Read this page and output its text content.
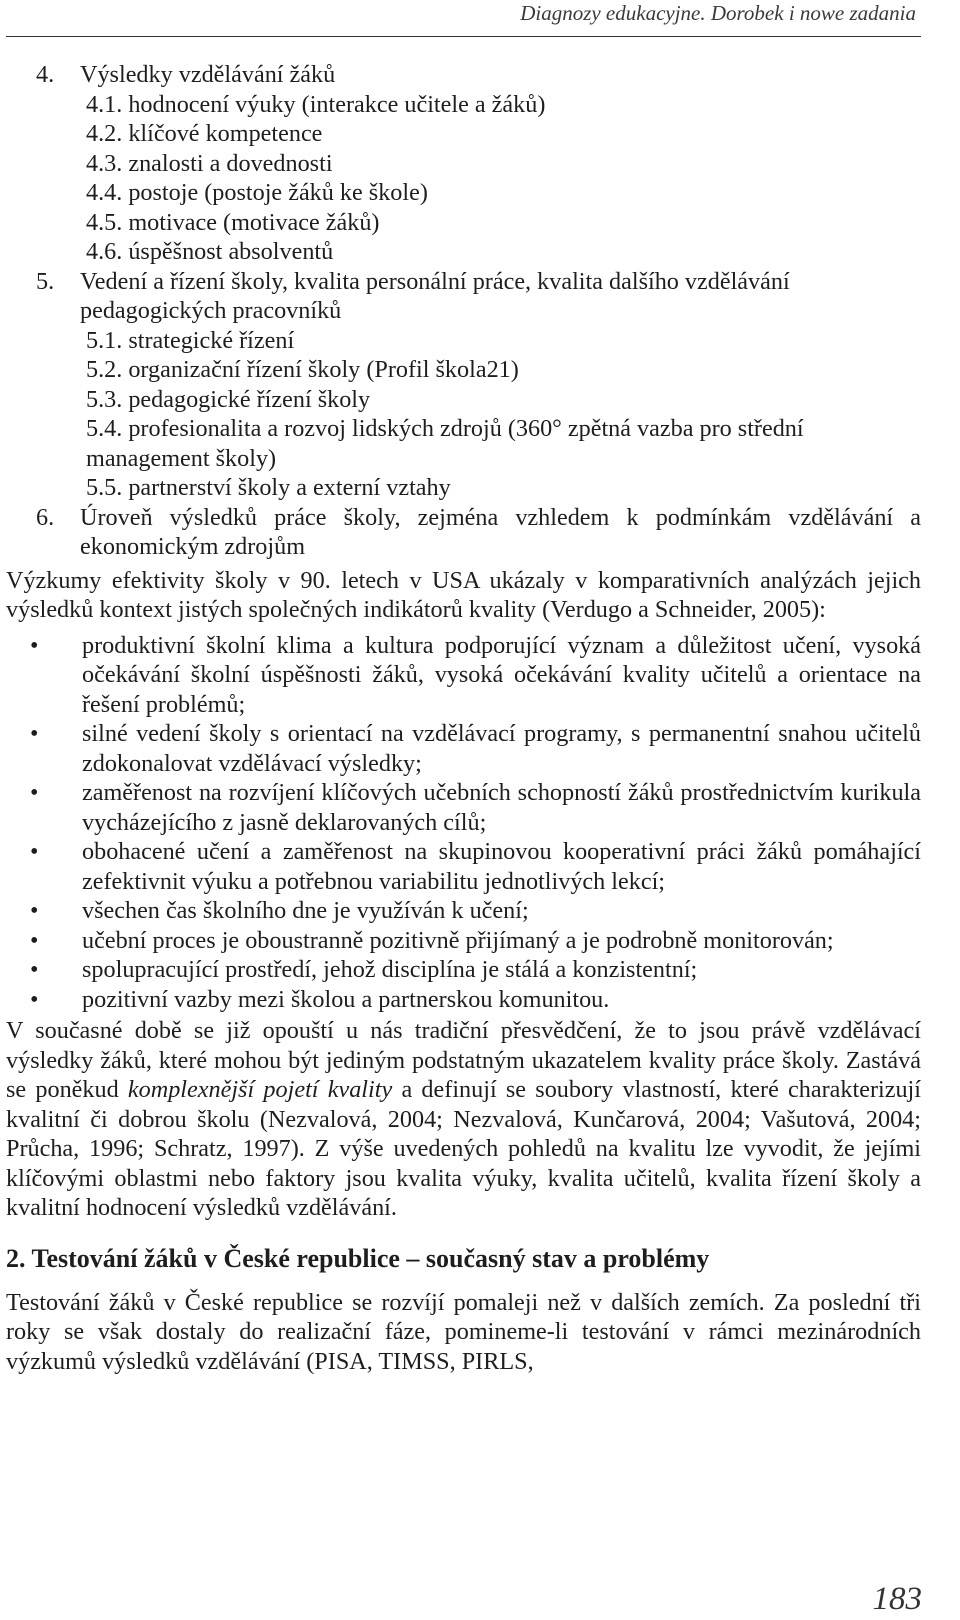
Diagnozy edukacyjne. Dorobek i nowe zadania
4.	Výsledky vzdělávání žáků
4.1. hodnocení výuky (interakce učitele a žáků)
4.2. klíčové kompetence
4.3. znalosti a dovednosti
4.4. postoje (postoje žáků ke škole)
4.5. motivace (motivace žáků)
4.6. úspěšnost absolventů
5.	Vedení a řízení školy, kvalita personální práce, kvalita dalšího vzdělávání pedagogických pracovníků
5.1. strategické řízení
5.2. organizační řízení školy (Profil škola21)
5.3. pedagogické řízení školy
5.4. profesionalita a rozvoj lidských zdrojů (360° zpětná vazba pro střední management školy)
5.5. partnerství školy a externí vztahy
6.	Úroveň výsledků práce školy, zejména vzhledem k podmínkám vzdělávání a ekonomickým zdrojům

Výzkumy efektivity školy v 90. letech v USA ukázaly v komparativních analýzách jejich výsledků kontext jistých společných indikátorů kvality (Verdugo a Schneider, 2005):

• produktivní školní klima a kultura podporující význam a důležitost učení, vysoká očekávání školní úspěšnosti žáků, vysoká očekávání kvality učitelů a orientace na řešení problémů;
• silné vedení školy s orientací na vzdělávací programy, s permanentní snahou učitelů zdokonalovat vzdělávací výsledky;
• zaměřenost na rozvíjení klíčových učebních schopností žáků prostřednictvím kurikula vycházejícího z jasně deklarovaných cílů;
• obohacené učení a zaměřenost na skupinovou kooperativní práci žáků pomáhající zefektivnit výuku a potřebnou variabilitu jednotlivých lekcí;
• všechen čas školního dne je využíván k učení;
• učební proces je oboustranně pozitivně přijímaný a je podrobně monitorován;
• spolupracující prostředí, jehož disciplína je stálá a konzistentní;
• pozitivní vazby mezi školou a partnerskou komunitou.

V současné době se již opouští u nás tradiční přesvědčení, že to jsou právě vzdělávací výsledky žáků, které mohou být jediným podstatným ukazatelem kvality práce školy. Zastává se poněkud komplexnější pojetí kvality a definují se soubory vlastností, které charakterizují kvalitní či dobrou školu (Nezvalová, 2004; Nezvalová, Kunčarová, 2004; Vašutová, 2004; Průcha, 1996; Schratz, 1997). Z výše uvedených pohledů na kvalitu lze vyvodit, že jejími klíčovými oblastmi nebo faktory jsou kvalita výuky, kvalita učitelů, kvalita řízení školy a kvalitní hodnocení výsledků vzdělávání.

2. Testování žáků v České republice – současný stav a problémy

Testování žáků v České republice se rozvíjí pomaleji než v dalších zemích. Za poslední tři roky se však dostaly do realizační fáze, pomineme-li testování v rámci mezinárodních výzkumů výsledků vzdělávání (PISA, TIMSS, PIRLS,

183
